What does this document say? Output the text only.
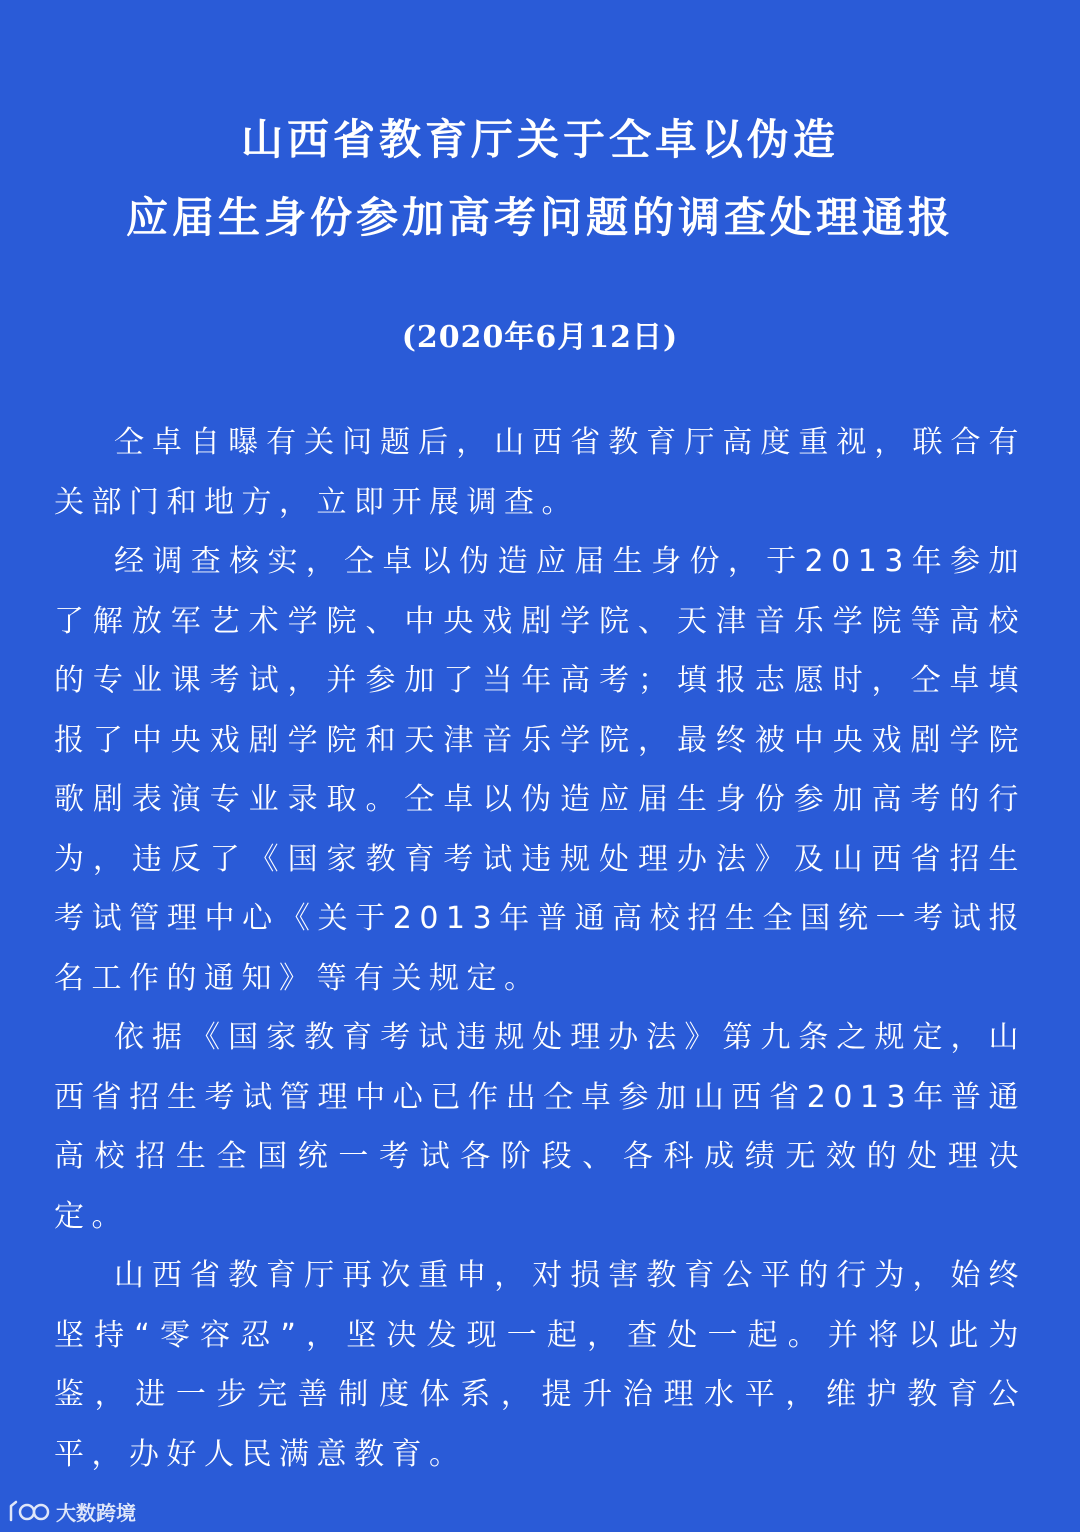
山西省教育厅关于仝卓以伪造
应届生身份参加高考问题的调查处理通报
(2020年6月12日)

仝卓自曝有关问题后，山西省教育厅高度重视，联合有关部门和地方，立即开展调查。

经调查核实，仝卓以伪造应届生身份，于2013年参加了解放军艺术学院、中央戏剧学院、天津音乐学院等高校的专业课考试，并参加了当年高考；填报志愿时，仝卓填报了中央戏剧学院和天津音乐学院，最终被中央戏剧学院歌剧表演专业录取。仝卓以伪造应届生身份参加高考的行为，违反了《国家教育考试违规处理办法》及山西省招生考试管理中心《关于2013年普通高校招生全国统一考试报名工作的通知》等有关规定。

依据《国家教育考试违规处理办法》第九条之规定，山西省招生考试管理中心已作出仝卓参加山西省2013年普通高校招生全国统一考试各阶段、各科成绩无效的处理决定。

山西省教育厅再次重申，对损害教育公平的行为，始终坚持“零容忍”，坚决发现一起，查处一起。并将以此为鉴，进一步完善制度体系，提升治理水平，维护教育公平，办好人民满意教育。

大数跨境
